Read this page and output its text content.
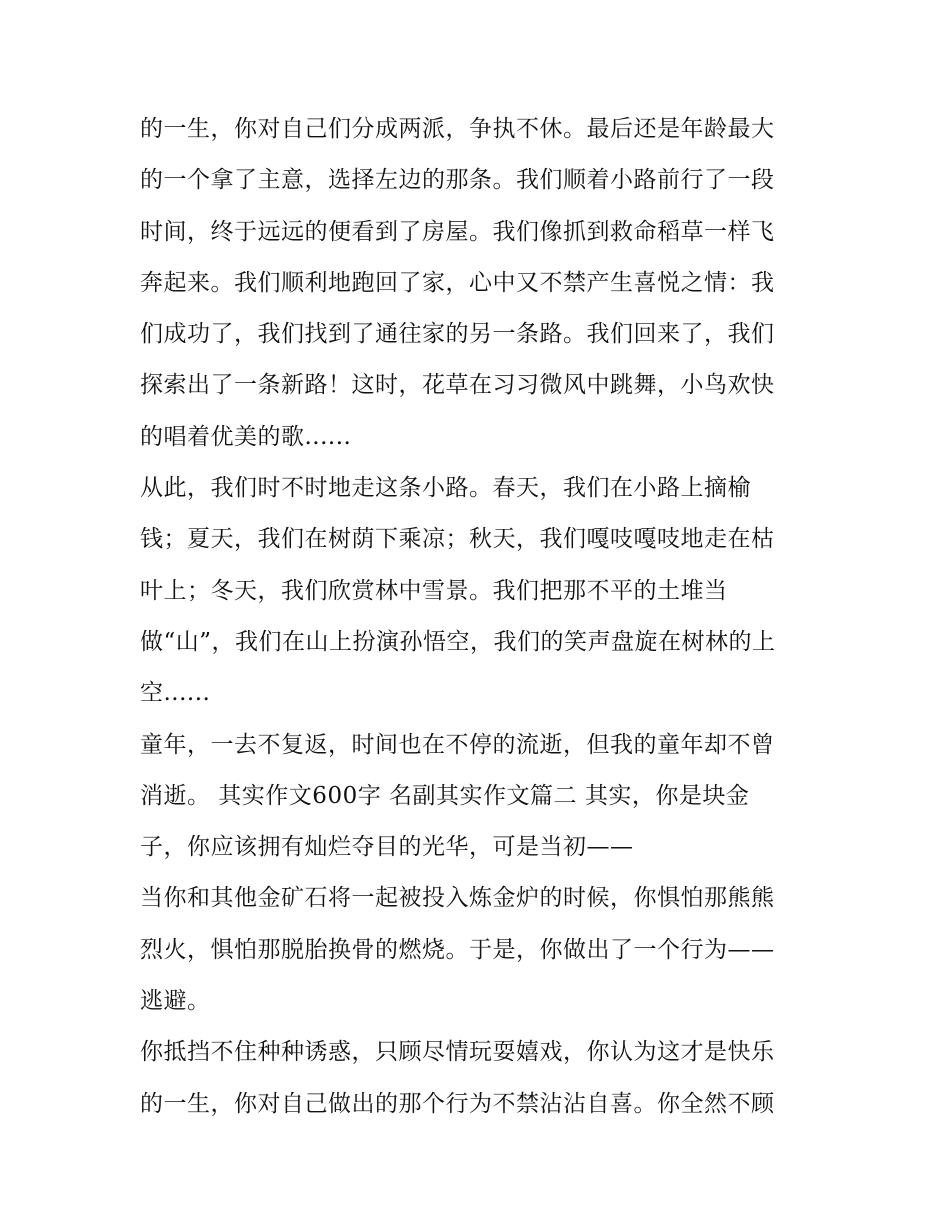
的一生，你对自己们分成两派，争执不休。最后还是年龄最大
的一个拿了主意，选择左边的那条。我们顺着小路前行了一段
时间，终于远远的便看到了房屋。我们像抓到救命稻草一样飞
奔起来。我们顺利地跑回了家，心中又不禁产生喜悦之情：我
们成功了，我们找到了通往家的另一条路。我们回来了，我们
探索出了一条新路！这时，花草在习习微风中跳舞，小鸟欢快
的唱着优美的歌......
从此，我们时不时地走这条小路。春天，我们在小路上摘榆
钱；夏天，我们在树荫下乘凉；秋天，我们嘎吱嘎吱地走在枯
叶上；冬天，我们欣赏林中雪景。我们把那不平的土堆当
做“山”，我们在山上扮演孙悟空，我们的笑声盘旋在树林的上
空......
童年，一去不复返，时间也在不停的流逝，但我的童年却不曾
消逝。 其实作文600字 名副其实作文篇二 其实，你是块金
子，你应该拥有灿烂夺目的光华，可是当初——
当你和其他金矿石将一起被投入炼金炉的时候，你惧怕那熊熊
烈火，惧怕那脱胎换骨的燃烧。于是，你做出了一个行为——
逃避。
你抵挡不住种种诱惑，只顾尽情玩耍嬉戏，你认为这才是快乐
的一生，你对自己做出的那个行为不禁沾沾自喜。你全然不顾
